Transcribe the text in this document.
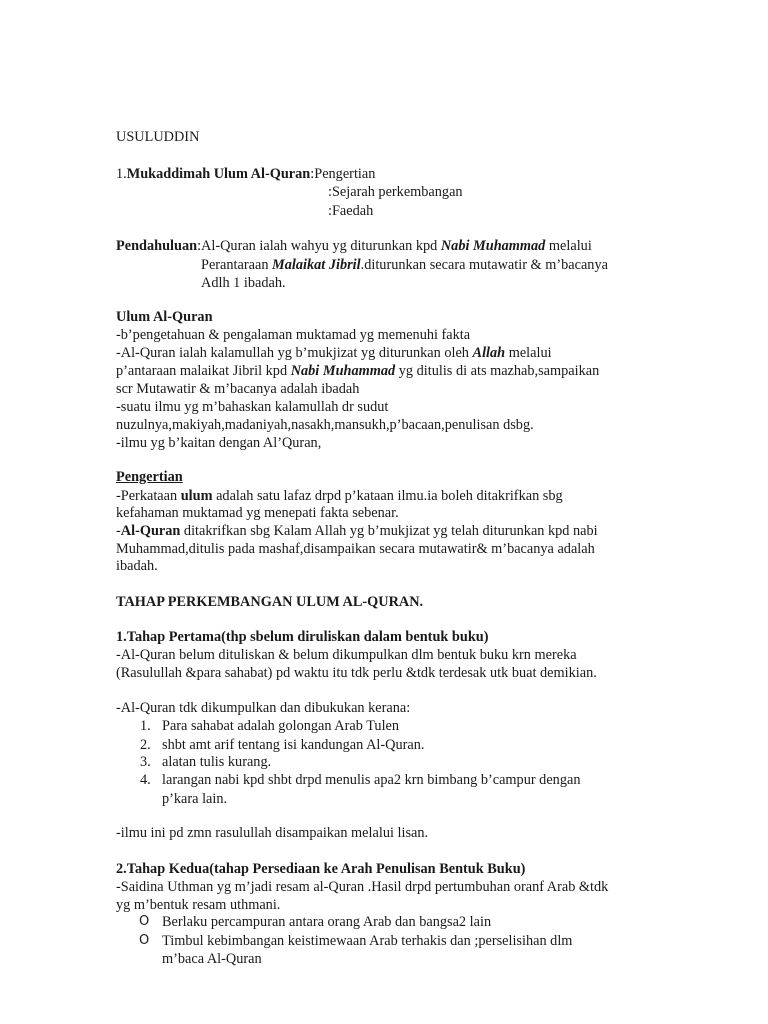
USULUDDIN
1.Mukaddimah Ulum Al-Quran:Pengertian
:Sejarah perkembangan
:Faedah
Pendahuluan:Al-Quran ialah wahyu yg diturunkan kpd Nabi Muhammad melalui
Perantaraan Malaikat Jibril.diturunkan secara mutawatir & m’bacanya
Adlh 1 ibadah.
Ulum Al-Quran
-b’pengetahuan & pengalaman muktamad yg memenuhi fakta
-Al-Quran ialah kalamullah yg b’mukjizat yg diturunkan oleh Allah melalui
p’antaraan malaikat Jibril kpd Nabi Muhammad yg ditulis di ats mazhab,sampaikan
scr Mutawatir & m’bacanya adalah ibadah
-suatu ilmu yg m’bahaskan kalamullah dr sudut
nuzulnya,makiyah,madaniyah,nasakh,mansukh,p’bacaan,penulisan dsbg.
-ilmu yg b’kaitan dengan Al’Quran,
Pengertian
-Perkataan ulum adalah satu lafaz drpd p’kataan ilmu.ia boleh ditakrifkan sbg
kefahaman muktamad yg menepati fakta sebenar.
-Al-Quran ditakrifkan sbg Kalam Allah yg b’mukjizat yg telah diturunkan kpd nabi
Muhammad,ditulis pada mashaf,disampaikan secara mutawatir& m’bacanya adalah
ibadah.
TAHAP PERKEMBANGAN ULUM AL-QURAN.
1.Tahap Pertama(thp sbelum diruliskan dalam bentuk buku)
-Al-Quran belum dituliskan & belum dikumpulkan dlm bentuk buku krn mereka
(Rasulullah &para sahabat) pd waktu itu tdk perlu &tdk terdesak utk buat demikian.
-Al-Quran tdk dikumpulkan dan dibukukan kerana:
1. Para sahabat adalah golongan Arab Tulen
2. shbt amt arif tentang isi kandungan Al-Quran.
3. alatan tulis kurang.
4. larangan nabi kpd shbt drpd menulis apa2 krn bimbang b’campur dengan
p’kara lain.
-ilmu ini pd zmn rasulullah disampaikan melalui lisan.
2.Tahap Kedua(tahap Persediaan ke Arah Penulisan Bentuk Buku)
-Saidina Uthman yg m’jadi resam al-Quran .Hasil drpd pertumbuhan oranf Arab &tdk
yg m’bentuk resam uthmani.
O Berlaku percampuran antara orang Arab dan bangsa2 lain
O Timbul kebimbangan keistimewaan Arab terhakis dan ;perselisihan dlm
m’baca Al-Quran
